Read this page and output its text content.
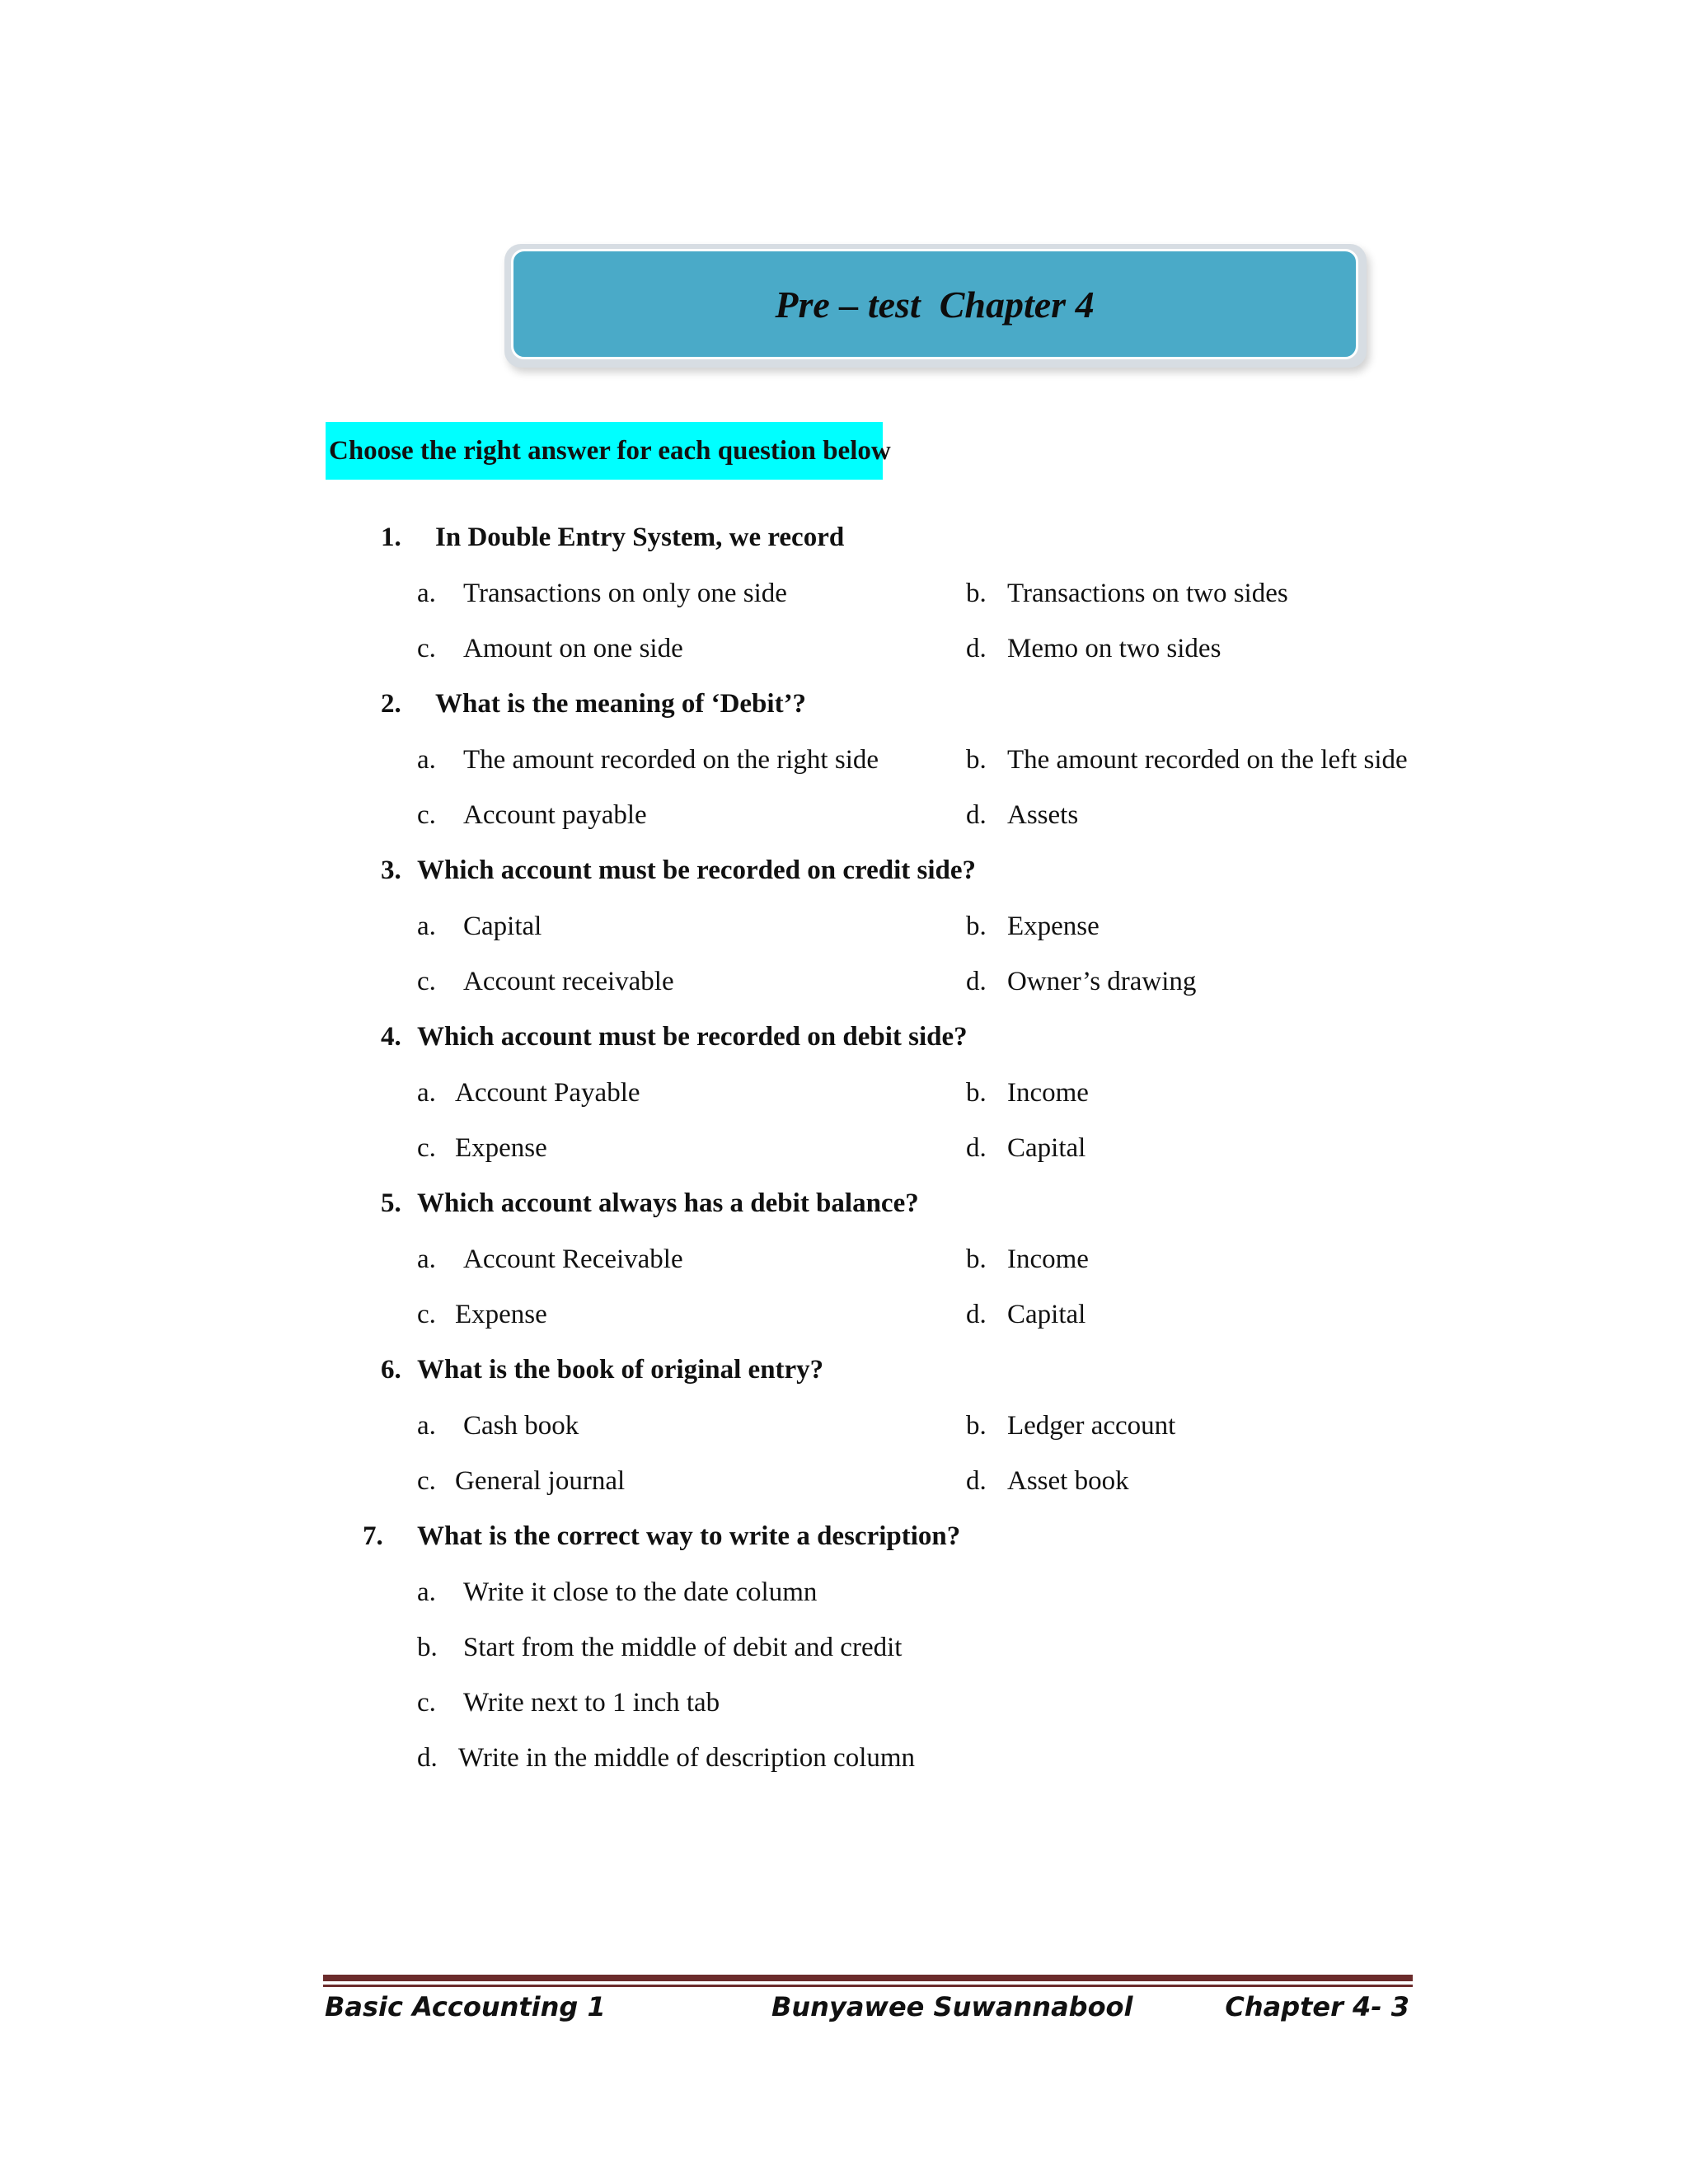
Pre – test  Chapter 4
Choose the right answer for each question below
1. In Double Entry System, we record
a. Transactions on only one side	b. Transactions on two sides
c. Amount on one side	d. Memo on two sides
2. What is the meaning of ‘Debit’?
a. The amount recorded on the right side	b. The amount recorded on the left side
c. Account payable	d. Assets
3. Which account must be recorded on credit side?
a. Capital	b. Expense
c. Account receivable	d. Owner’s drawing
4. Which account must be recorded on debit side?
a. Account Payable	b. Income
c. Expense	d. Capital
5. Which account always has a debit balance?
a. Account Receivable	b. Income
c. Expense	d. Capital
6. What is the book of original entry?
a. Cash book	b. Ledger account
c. General journal	d. Asset book
7. What is the correct way to write a description?
a. Write it close to the date column
b. Start from the middle of debit and credit
c. Write next to 1 inch tab
d. Write in the middle of description column
Basic Accounting 1	Bunyawee Suwannabool	Chapter 4- 3
